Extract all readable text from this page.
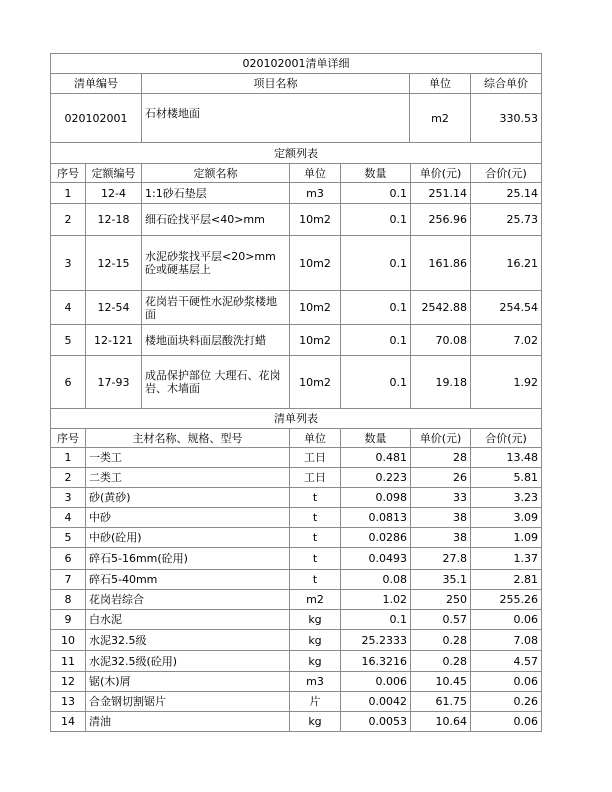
020102001清单详细			
清单编号	项目名称	单位	综合单价
020102001	石材楼地面	m2	330.53
定额列表						
序号	定额编号	定额名称	单位	数量	单价(元)	合价(元)
1	12-4	1:1砂石垫层	m3	0.1	251.14	25.14
2	12-18	细石砼找平层<40>mm	10m2	0.1	256.96	25.73
3	12-15	水泥砂浆找平层<20>mm 砼或硬基层上	10m2	0.1	161.86	16.21
4	12-54	花岗岩干硬性水泥砂浆楼地面	10m2	0.1	2542.88	254.54
5	12-121	楼地面块料面层酸洗打蜡	10m2	0.1	70.08	7.02
6	17-93	成品保护部位 大理石、花岗岩、木墙面	10m2	0.1	19.18	1.92
清单列表						
序号	主材名称、规格、型号		单位	数量	单价(元)	合价(元)
1	一类工		工日	0.481	28	13.48
2	二类工		工日	0.223	26	5.81
3	砂(黄砂)		t	0.098	33	3.23
4	中砂		t	0.0813	38	3.09
5	中砂(砼用)		t	0.0286	38	1.09
6	碎石5-16mm(砼用)		t	0.0493	27.8	1.37
7	碎石5-40mm		t	0.08	35.1	2.81
8	花岗岩综合		m2	1.02	250	255.26
9	白水泥		kg	0.1	0.57	0.06
10	水泥32.5级		kg	25.2333	0.28	7.08
11	水泥32.5级(砼用)		kg	16.3216	0.28	4.57
12	锯(木)屑		m3	0.006	10.45	0.06
13	合金钢切割锯片		片	0.0042	61.75	0.26
14	清油		kg	0.0053	10.64	0.06
